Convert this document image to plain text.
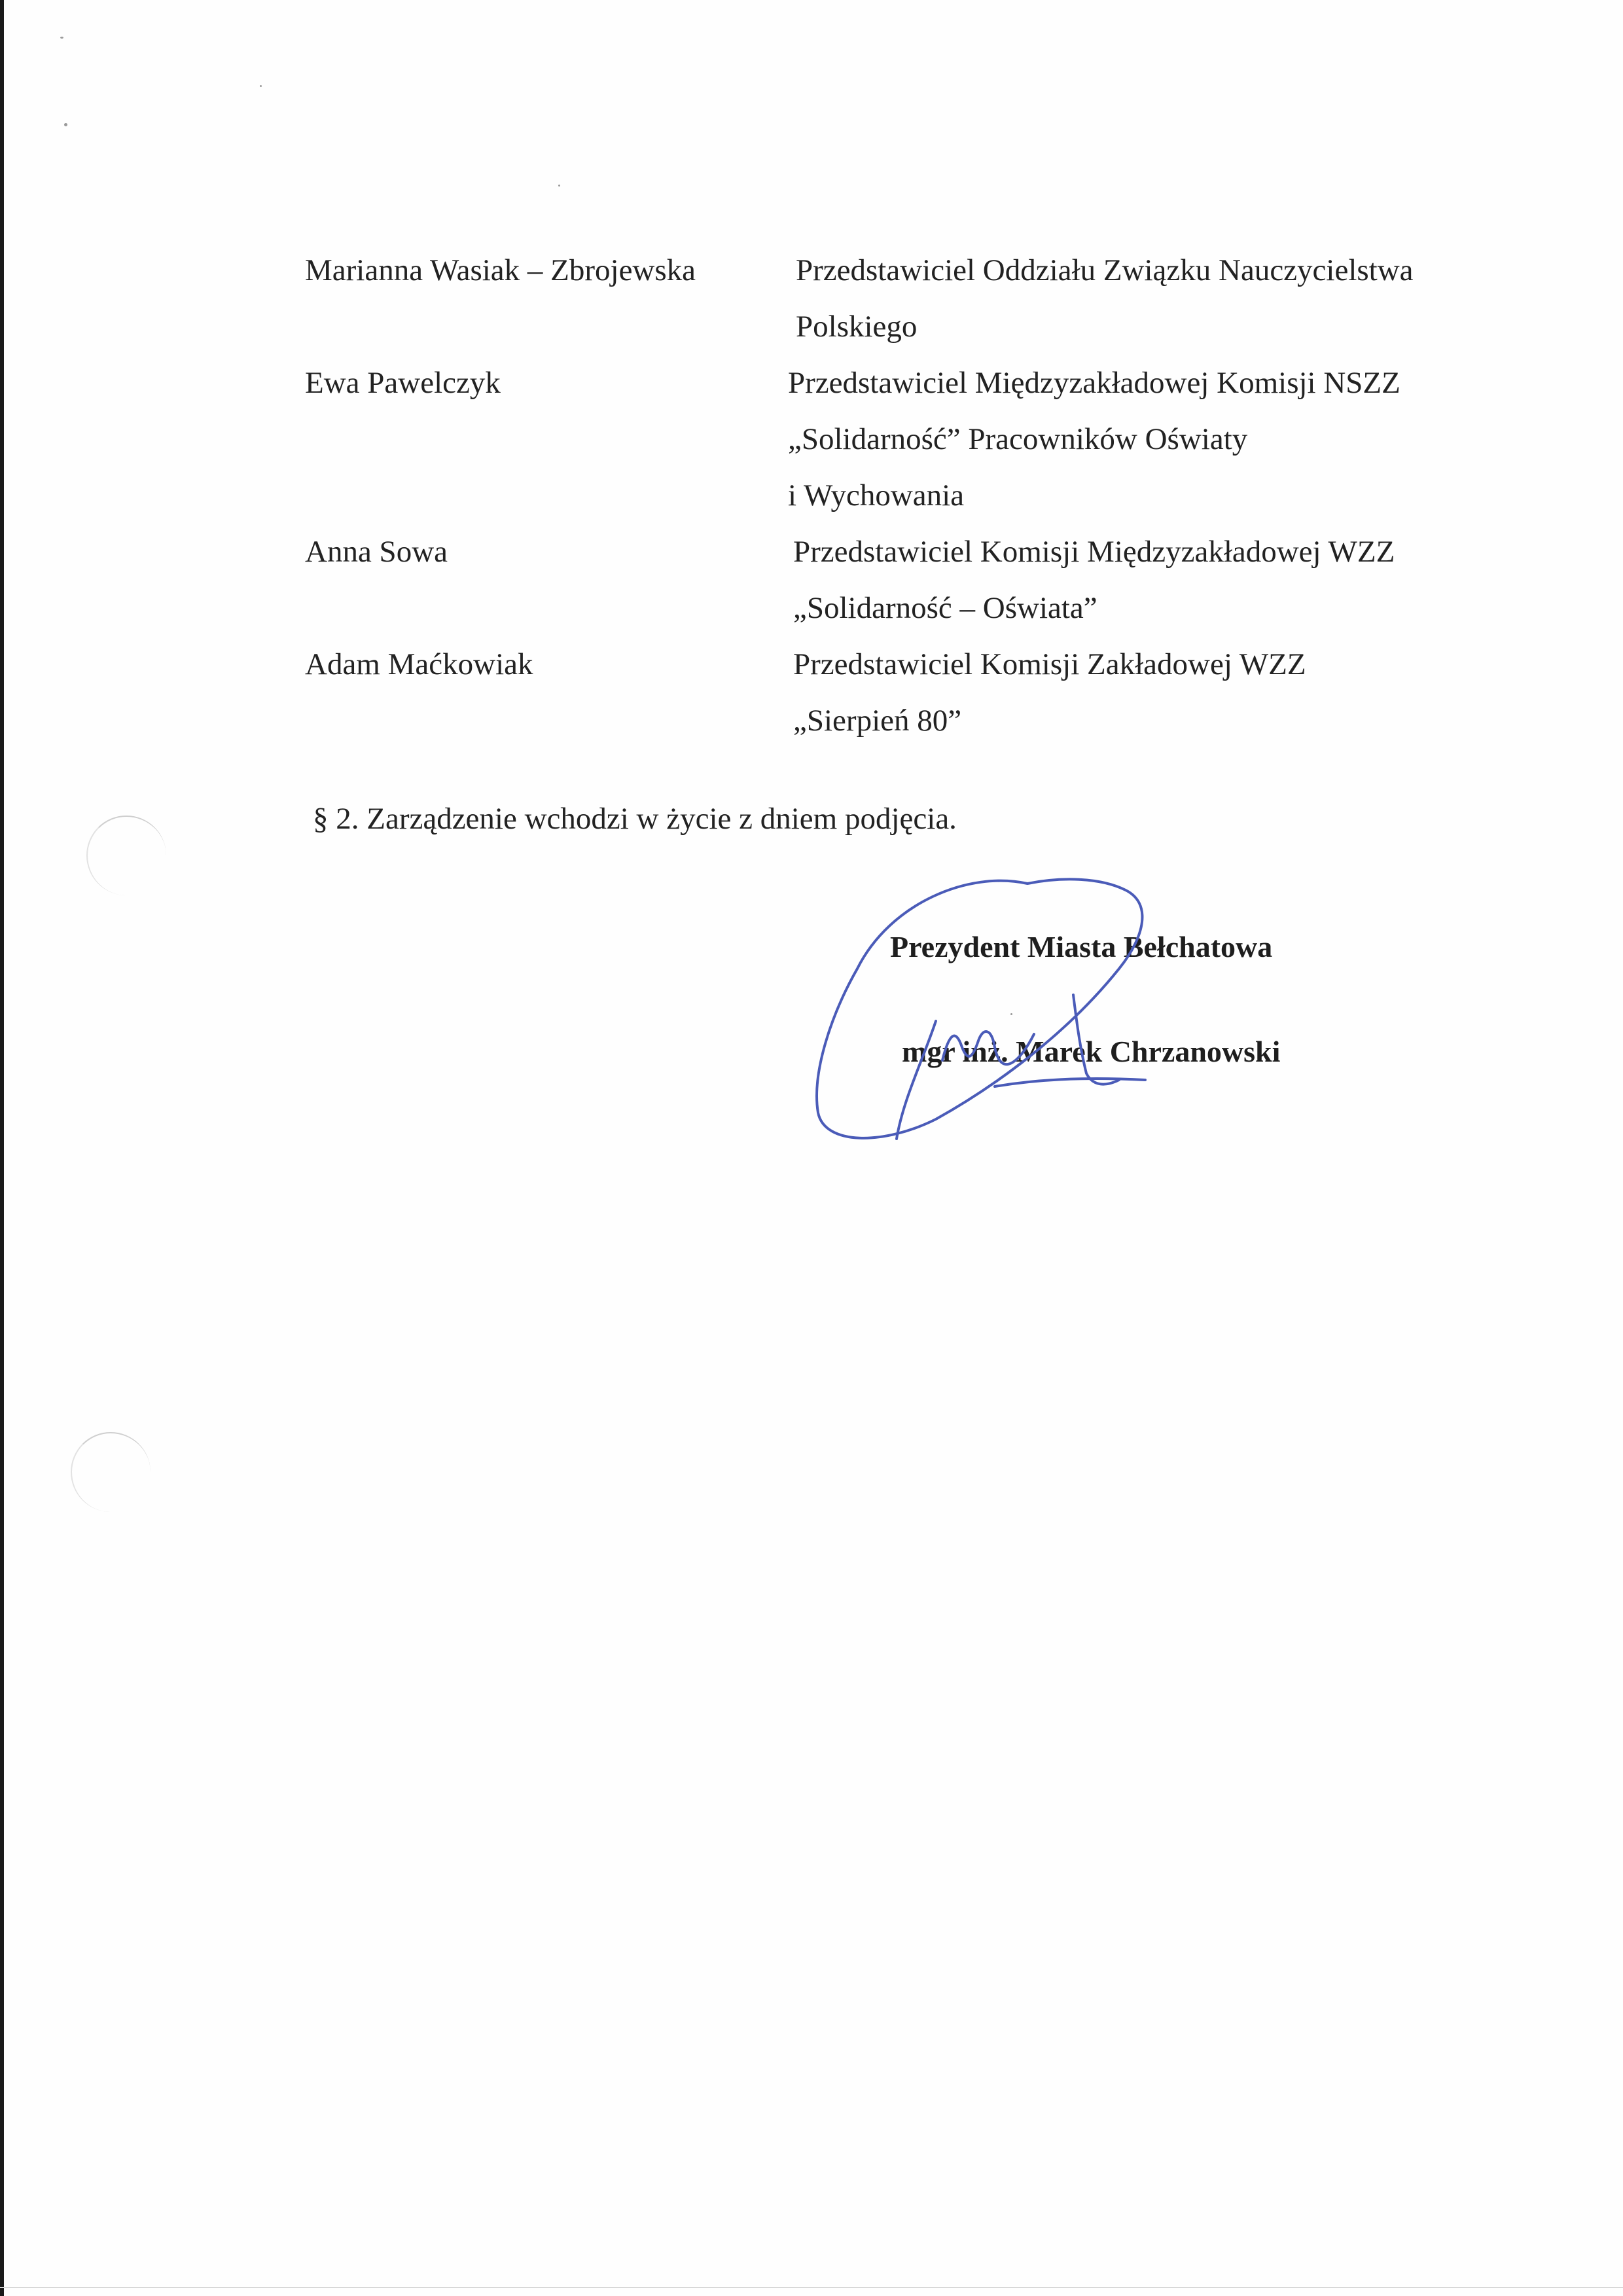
Marianna Wasiak – Zbrojewska	Przedstawiciel Oddziału Związku Nauczycielstwa
Polskiego
Ewa Pawelczyk	Przedstawiciel Międzyzakładowej Komisji NSZZ
„Solidarność” Pracowników Oświaty
i Wychowania
Anna Sowa	Przedstawiciel Komisji Międzyzakładowej WZZ
„Solidarność – Oświata”
Adam Maćkowiak	Przedstawiciel Komisji Zakładowej WZZ
„Sierpień 80”
§ 2. Zarządzenie wchodzi w życie z dniem podjęcia.
Prezydent Miasta Bełchatowa
mgr inż. Marek Chrzanowski
